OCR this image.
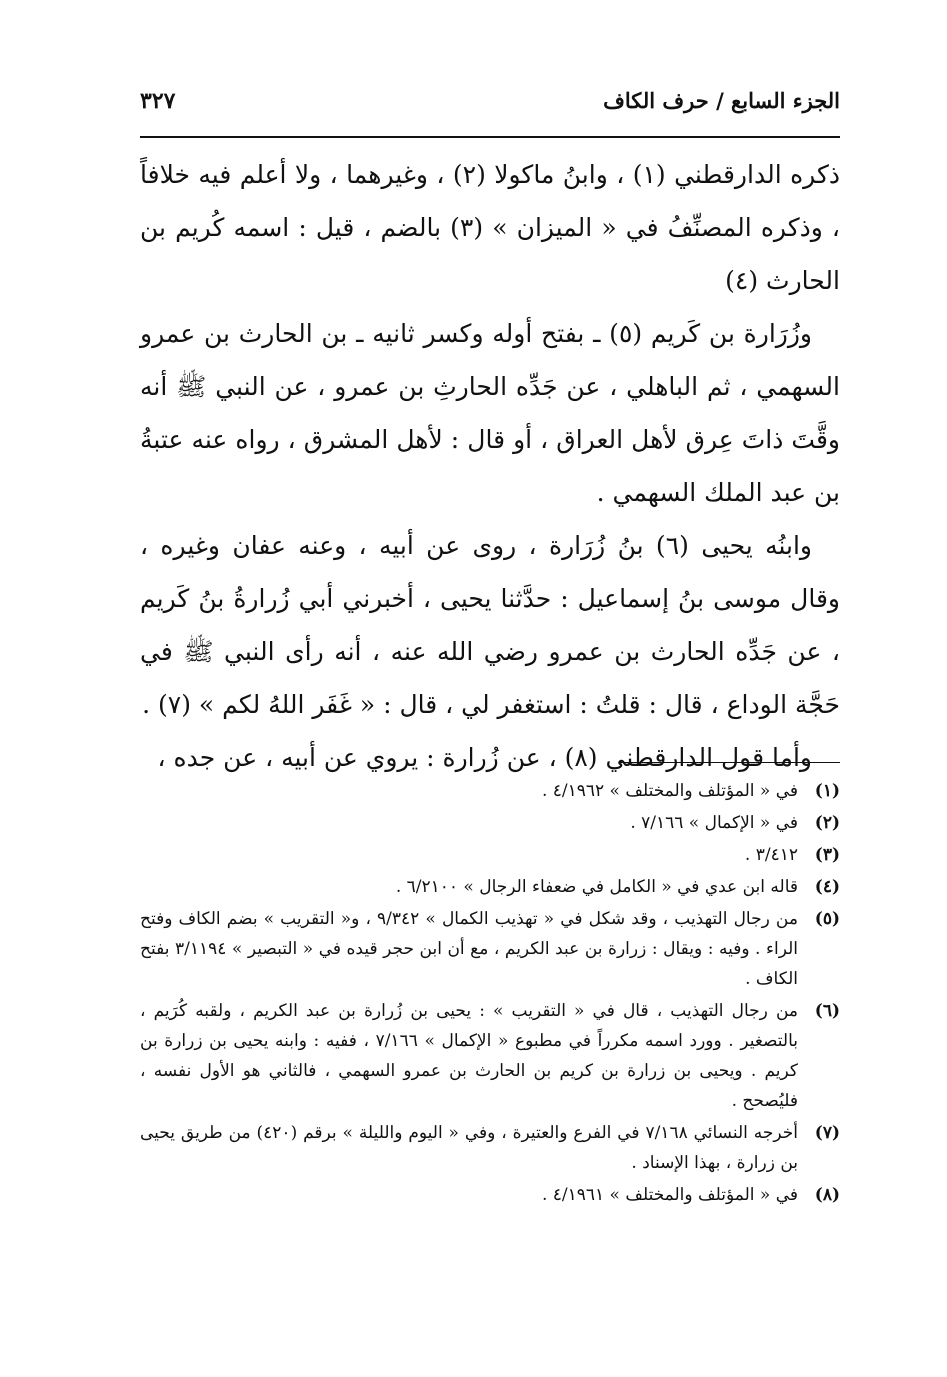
الجزء السابع / حرف الكاف
٣٢٧

ذكره الدارقطني (١) ، وابنُ ماكولا (٢) ، وغيرهما ، ولا أعلم فيه خلافاً ، وذكره المصنِّفُ في « الميزان » (٣) بالضم ، قيل : اسمه كُريم بن الحارث (٤)

وزُرَارة بن كَريم (٥) ـ بفتح أوله وكسر ثانيه ـ بن الحارث بن عمرو السهمي ، ثم الباهلي ، عن جَدِّه الحارثِ بن عمرو ، عن النبي ﷺ أنه وقَّتَ ذاتَ عِرق لأهل العراق ، أو قال : لأهل المشرق ، رواه عنه عتبةُ بن عبد الملك السهمي .

وابنُه يحيى (٦) بنُ زُرَارة ، روى عن أبيه ، وعنه عفان وغيره ، وقال موسى بنُ إسماعيل : حدَّثنا يحيى ، أخبرني أبي زُرارةُ بنُ كَريم ، عن جَدِّه الحارث بن عمرو رضي الله عنه ، أنه رأى النبي ﷺ في حَجَّة الوداع ، قال : قلتُ : استغفر لي ، قال : « غَفَر اللهُ لكم » (٧) .

وأما قول الدارقطني (٨) ، عن زُرارة : يروي عن أبيه ، عن جده ،

(١)
في « المؤتلف والمختلف » ٤/١٩٦٢ .
(٢)
في « الإكمال » ٧/١٦٦ .
(٣)
٣/٤١٢ .
(٤)
قاله ابن عدي في « الكامل في ضعفاء الرجال » ٦/٢١٠٠ .
(٥)
من رجال التهذيب ، وقد شكل في « تهذيب الكمال » ٩/٣٤٢ ، و« التقريب » بضم الكاف وفتح الراء . وفيه : ويقال : زرارة بن عبد الكريم ، مع أن ابن حجر قيده في « التبصير » ٣/١١٩٤ بفتح الكاف .
(٦)
من رجال التهذيب ، قال في « التقريب » : يحيى بن زُرارة بن عبد الكريم ، ولقبه كُرَيم ، بالتصغير . وورد اسمه مكرراً في مطبوع « الإكمال » ٧/١٦٦ ، ففيه : وابنه يحيى بن زرارة بن كريم . ويحيى بن زرارة بن كريم بن الحارث بن عمرو السهمي ، فالثاني هو الأول نفسه ، فليُصحح .
(٧)
أخرجه النسائي ٧/١٦٨ في الفرع والعتيرة ، وفي « اليوم والليلة » برقم (٤٢٠) من طريق يحيى بن زرارة ، بهذا الإسناد .
(٨)
في « المؤتلف والمختلف » ٤/١٩٦١ .
